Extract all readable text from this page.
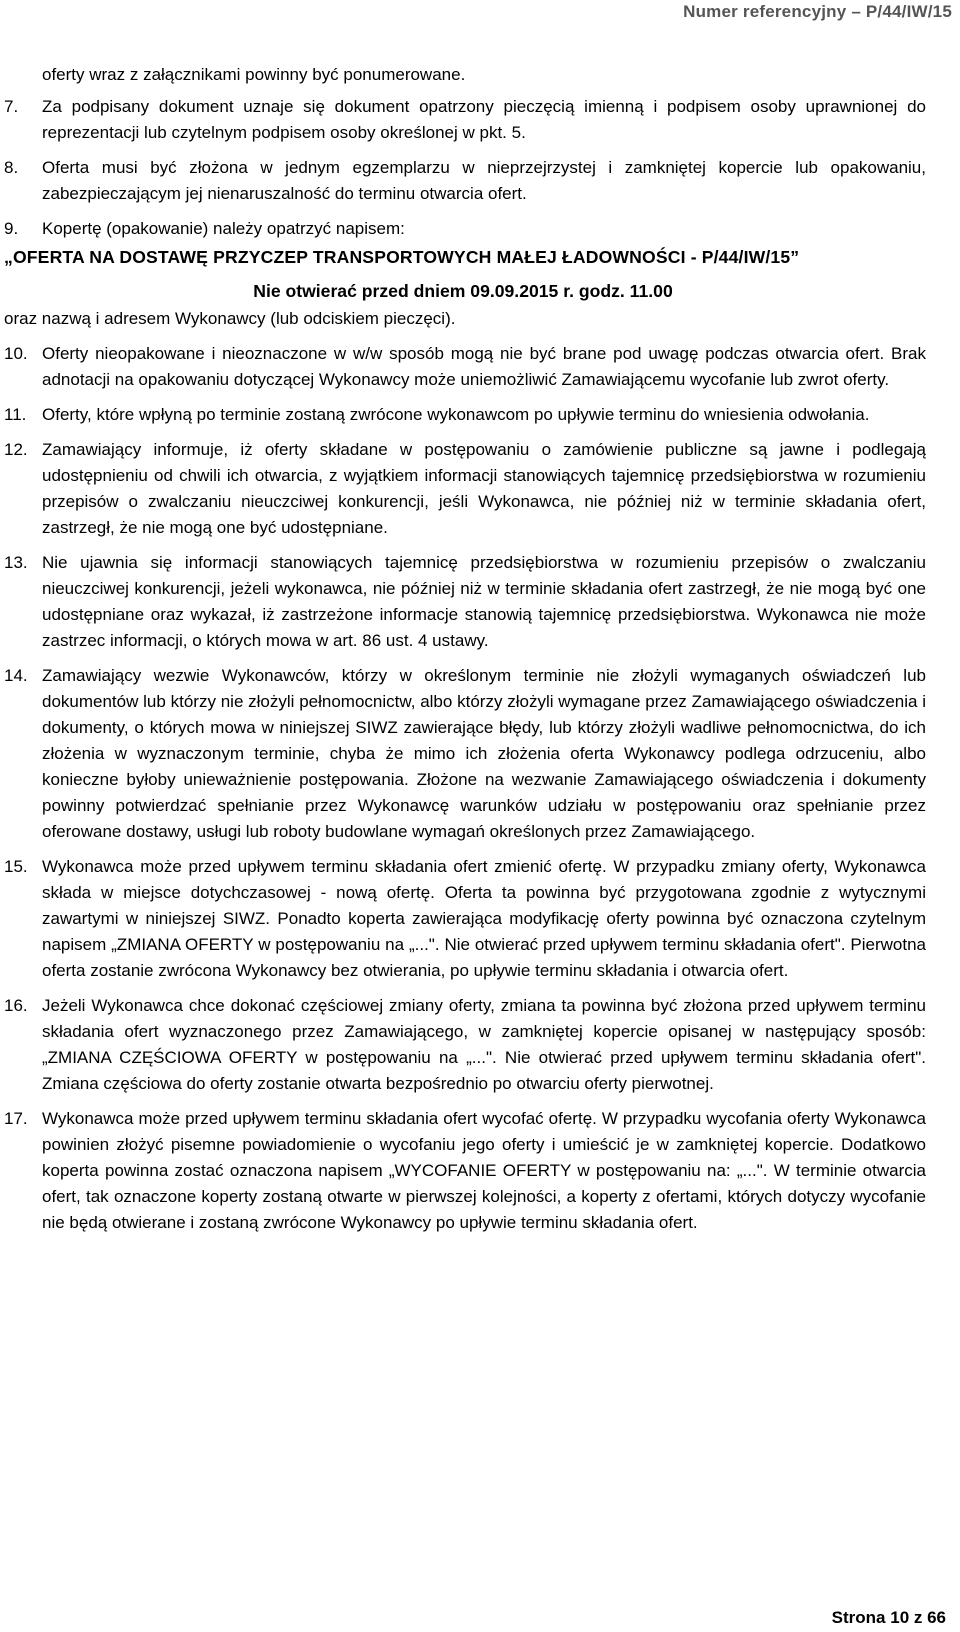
Numer referencyjny – P/44/IW/15
oferty wraz z załącznikami powinny być ponumerowane.
7.	Za podpisany dokument uznaje się dokument opatrzony pieczęcią imienną i podpisem osoby uprawnionej do reprezentacji lub czytelnym podpisem osoby określonej w pkt. 5.
8.	Oferta musi być złożona w jednym egzemplarzu w nieprzejrzystej i zamkniętej kopercie lub opakowaniu, zabezpieczającym jej nienaruszalność do terminu otwarcia ofert.
9.	Kopertę (opakowanie) należy opatrzyć napisem:
„OFERTA NA DOSTAWĘ PRZYCZEP TRANSPORTOWYCH MAŁEJ ŁADOWNOŚCI - P/44/IW/15”
Nie otwierać przed dniem 09.09.2015 r. godz. 11.00
oraz nazwą i adresem Wykonawcy (lub odciskiem pieczęci).
10. Oferty nieopakowane i nieoznaczone w w/w sposób mogą nie być brane pod uwagę podczas otwarcia ofert. Brak adnotacji na opakowaniu dotyczącej Wykonawcy może uniemożliwić Zamawiającemu wycofanie lub zwrot oferty.
11. Oferty, które wpłyną po terminie zostaną zwrócone wykonawcom po upływie terminu do wniesienia odwołania.
12. Zamawiający informuje, iż oferty składane w postępowaniu o zamówienie publiczne są jawne i podlegają udostępnieniu od chwili ich otwarcia, z wyjątkiem informacji stanowiących tajemnicę przedsiębiorstwa w rozumieniu przepisów o zwalczaniu nieuczciwej konkurencji, jeśli Wykonawca, nie później niż w terminie składania ofert, zastrzegł, że nie mogą one być udostępniane.
13. Nie ujawnia się informacji stanowiących tajemnicę przedsiębiorstwa w rozumieniu przepisów o zwalczaniu nieuczciwej konkurencji, jeżeli wykonawca, nie później niż w terminie składania ofert zastrzegł, że nie mogą być one udostępniane oraz wykazał, iż zastrzeżone informacje stanowią tajemnicę przedsiębiorstwa. Wykonawca nie może zastrzec informacji, o których mowa w art. 86 ust. 4 ustawy.
14. Zamawiający wezwie Wykonawców, którzy w określonym terminie nie złożyli wymaganych oświadczeń lub dokumentów lub którzy nie złożyli pełnomocnictw, albo którzy złożyli wymagane przez Zamawiającego oświadczenia i dokumenty, o których mowa w niniejszej SIWZ zawierające błędy, lub którzy złożyli wadliwe pełnomocnictwa, do ich złożenia w wyznaczonym terminie, chyba że mimo ich złożenia oferta Wykonawcy podlega odrzuceniu, albo konieczne byłoby unieważnienie postępowania. Złożone na wezwanie Zamawiającego oświadczenia i dokumenty powinny potwierdzać spełnianie przez Wykonawcę warunków udziału w postępowaniu oraz spełnianie przez oferowane dostawy, usługi lub roboty budowlane wymagań określonych przez Zamawiającego.
15. Wykonawca może przed upływem terminu składania ofert zmienić ofertę. W przypadku zmiany oferty, Wykonawca składa w miejsce dotychczasowej - nową ofertę. Oferta ta powinna być przygotowana zgodnie z wytycznymi zawartymi w niniejszej SIWZ. Ponadto koperta zawierająca modyfikację oferty powinna być oznaczona czytelnym napisem „ZMIANA OFERTY w postępowaniu na „...". Nie otwierać przed upływem terminu składania ofert". Pierwotna oferta zostanie zwrócona Wykonawcy bez otwierania, po upływie terminu składania i otwarcia ofert.
16. Jeżeli Wykonawca chce dokonać częściowej zmiany oferty, zmiana ta powinna być złożona przed upływem terminu składania ofert wyznaczonego przez Zamawiającego, w zamkniętej kopercie opisanej w następujący sposób: „ZMIANA CZĘŚCIOWA OFERTY w postępowaniu na „...". Nie otwierać przed upływem terminu składania ofert". Zmiana częściowa do oferty zostanie otwarta bezpośrednio po otwarciu oferty pierwotnej.
17. Wykonawca może przed upływem terminu składania ofert wycofać ofertę. W przypadku wycofania oferty Wykonawca powinien złożyć pisemne powiadomienie o wycofaniu jego oferty i umieścić je w zamkniętej kopercie. Dodatkowo koperta powinna zostać oznaczona napisem „WYCOFANIE OFERTY w postępowaniu na: „...". W terminie otwarcia ofert, tak oznaczone koperty zostaną otwarte w pierwszej kolejności, a koperty z ofertami, których dotyczy wycofanie nie będą otwierane i zostaną zwrócone Wykonawcy po upływie terminu składania ofert.
Strona 10 z 66
